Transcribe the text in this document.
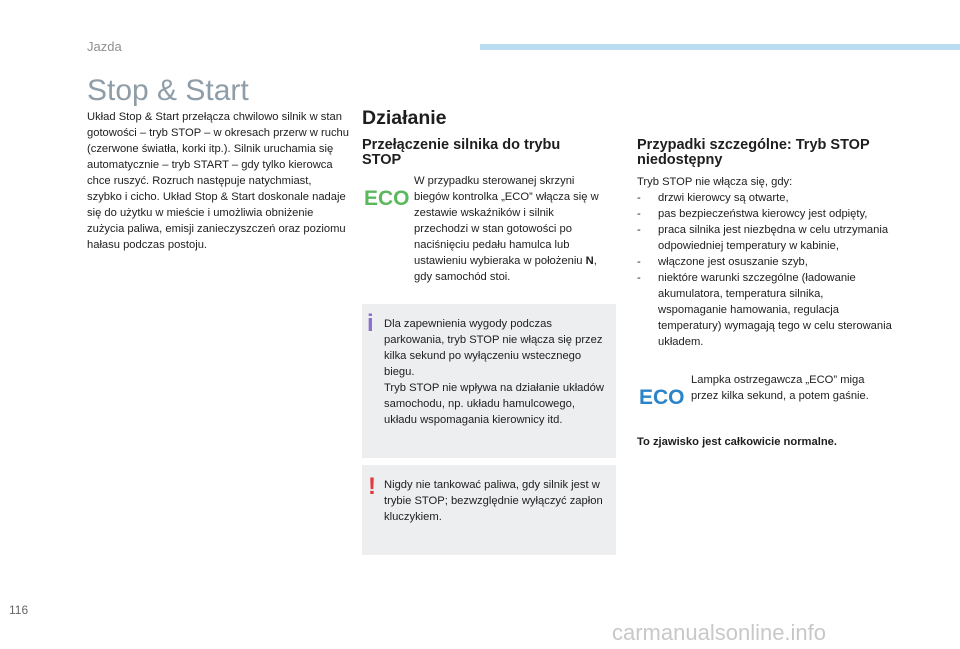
Jazda
Stop & Start

Układ Stop & Start przełącza chwilowo silnik w stan gotowości – tryb STOP – w okresach przerw w ruchu (czerwone światła, korki itp.). Silnik uruchamia się automatycznie – tryb START – gdy tylko kierowca chce ruszyć. Rozruch następuje natychmiast, szybko i cicho. Układ Stop & Start doskonale nadaje się do użytku w mieście i umożliwia obniżenie zużycia paliwa, emisji zanieczyszczeń oraz poziomu hałasu podczas postoju.

Działanie
Przełączenie silnika do trybu STOP
ECO

W przypadku sterowanej skrzyni biegów kontrolka „ECO” włącza się w zestawie wskaźników i silnik przechodzi w stan gotowości po naciśnięciu pedału hamulca lub ustawieniu wybieraka w położeniu N, gdy samochód stoi.

i Dla zapewnienia wygody podczas parkowania, tryb STOP nie włącza się przez kilka sekund po wyłączeniu wstecznego biegu.

Tryb STOP nie wpływa na działanie układów samochodu, np. układu hamulcowego, układu wspomagania kierownicy itd.

! Nigdy nie tankować paliwa, gdy silnik jest w trybie STOP; bezwzględnie wyłączyć zapłon kluczykiem.

Przypadki szczególne: Tryb STOP niedostępny

Tryb STOP nie włącza się, gdy:

- drzwi kierowcy są otwarte,
- pas bezpieczeństwa kierowcy jest odpięty,
- praca silnika jest niezbędna w celu utrzymania odpowiedniej temperatury w kabinie,
- włączone jest osuszanie szyb,
- niektóre warunki szczególne (ładowanie akumulatora, temperatura silnika, wspomaganie hamowania, regulacja temperatury) wymagają tego w celu sterowania układem.
ECO

Lampka ostrzegawcza „ECO” miga przez kilka sekund, a potem gaśnie.

To zjawisko jest całkowicie normalne.

116
carmanualsonline.info
